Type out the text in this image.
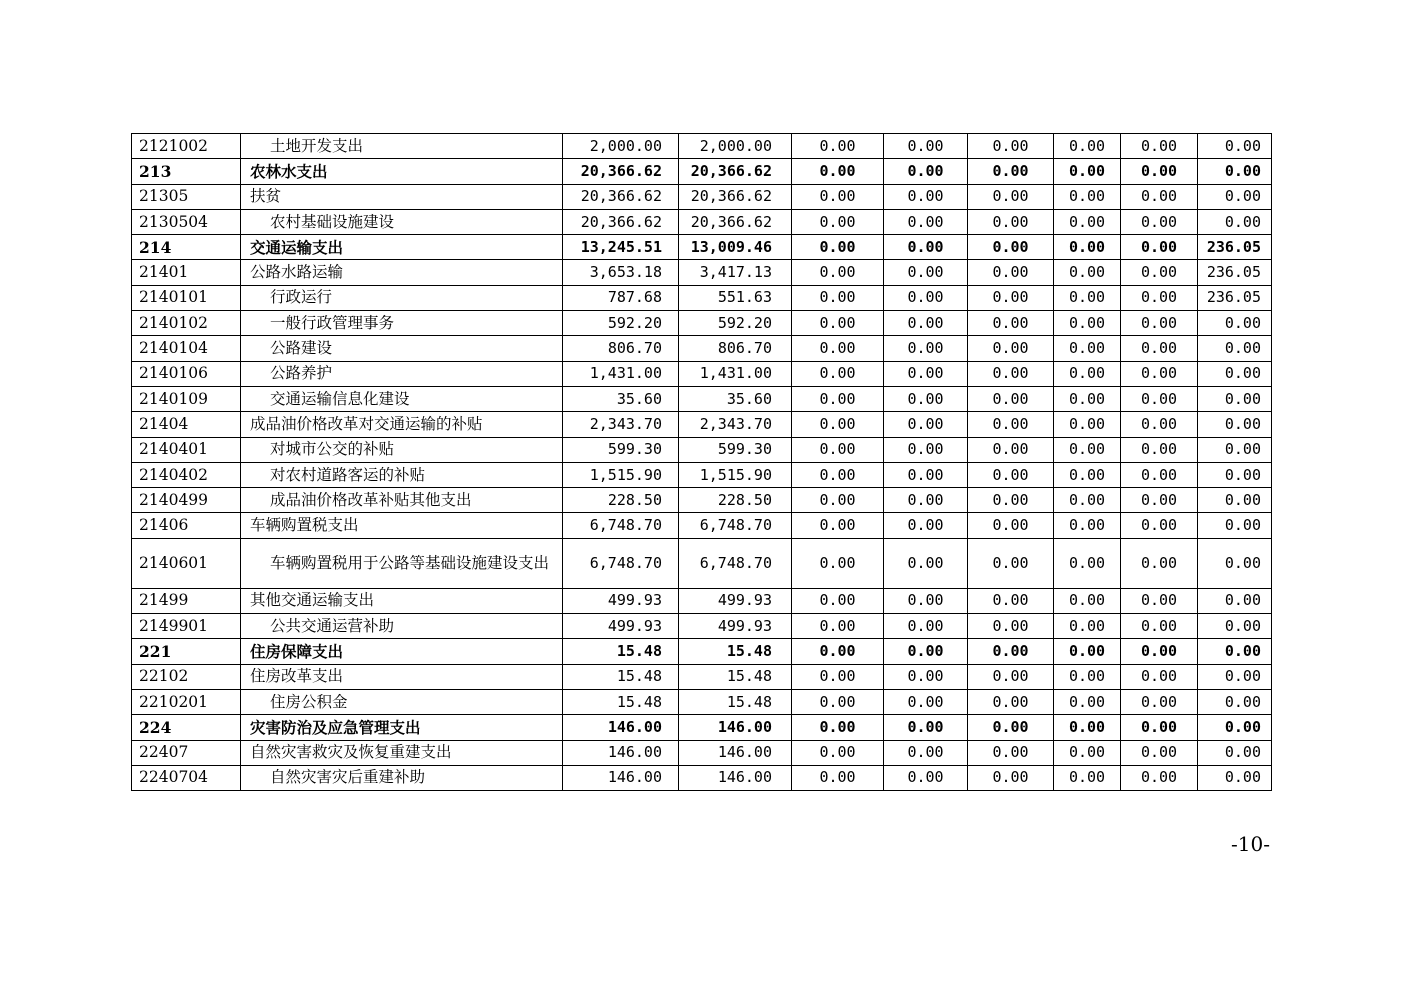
2121002	土地开发支出	2,000.00	2,000.00	0.00	0.00	0.00	0.00	0.00	0.00
213	农林水支出	20,366.62	20,366.62	0.00	0.00	0.00	0.00	0.00	0.00
21305	扶贫	20,366.62	20,366.62	0.00	0.00	0.00	0.00	0.00	0.00
2130504	农村基础设施建设	20,366.62	20,366.62	0.00	0.00	0.00	0.00	0.00	0.00
214	交通运输支出	13,245.51	13,009.46	0.00	0.00	0.00	0.00	0.00	236.05
21401	公路水路运输	3,653.18	3,417.13	0.00	0.00	0.00	0.00	0.00	236.05
2140101	行政运行	787.68	551.63	0.00	0.00	0.00	0.00	0.00	236.05
2140102	一般行政管理事务	592.20	592.20	0.00	0.00	0.00	0.00	0.00	0.00
2140104	公路建设	806.70	806.70	0.00	0.00	0.00	0.00	0.00	0.00
2140106	公路养护	1,431.00	1,431.00	0.00	0.00	0.00	0.00	0.00	0.00
2140109	交通运输信息化建设	35.60	35.60	0.00	0.00	0.00	0.00	0.00	0.00
21404	成品油价格改革对交通运输的补贴	2,343.70	2,343.70	0.00	0.00	0.00	0.00	0.00	0.00
2140401	对城市公交的补贴	599.30	599.30	0.00	0.00	0.00	0.00	0.00	0.00
2140402	对农村道路客运的补贴	1,515.90	1,515.90	0.00	0.00	0.00	0.00	0.00	0.00
2140499	成品油价格改革补贴其他支出	228.50	228.50	0.00	0.00	0.00	0.00	0.00	0.00
21406	车辆购置税支出	6,748.70	6,748.70	0.00	0.00	0.00	0.00	0.00	0.00
2140601	车辆购置税用于公路等基础设施建设支出	6,748.70	6,748.70	0.00	0.00	0.00	0.00	0.00	0.00
21499	其他交通运输支出	499.93	499.93	0.00	0.00	0.00	0.00	0.00	0.00
2149901	公共交通运营补助	499.93	499.93	0.00	0.00	0.00	0.00	0.00	0.00
221	住房保障支出	15.48	15.48	0.00	0.00	0.00	0.00	0.00	0.00
22102	住房改革支出	15.48	15.48	0.00	0.00	0.00	0.00	0.00	0.00
2210201	住房公积金	15.48	15.48	0.00	0.00	0.00	0.00	0.00	0.00
224	灾害防治及应急管理支出	146.00	146.00	0.00	0.00	0.00	0.00	0.00	0.00
22407	自然灾害救灾及恢复重建支出	146.00	146.00	0.00	0.00	0.00	0.00	0.00	0.00
2240704	自然灾害灾后重建补助	146.00	146.00	0.00	0.00	0.00	0.00	0.00	0.00
-10-
